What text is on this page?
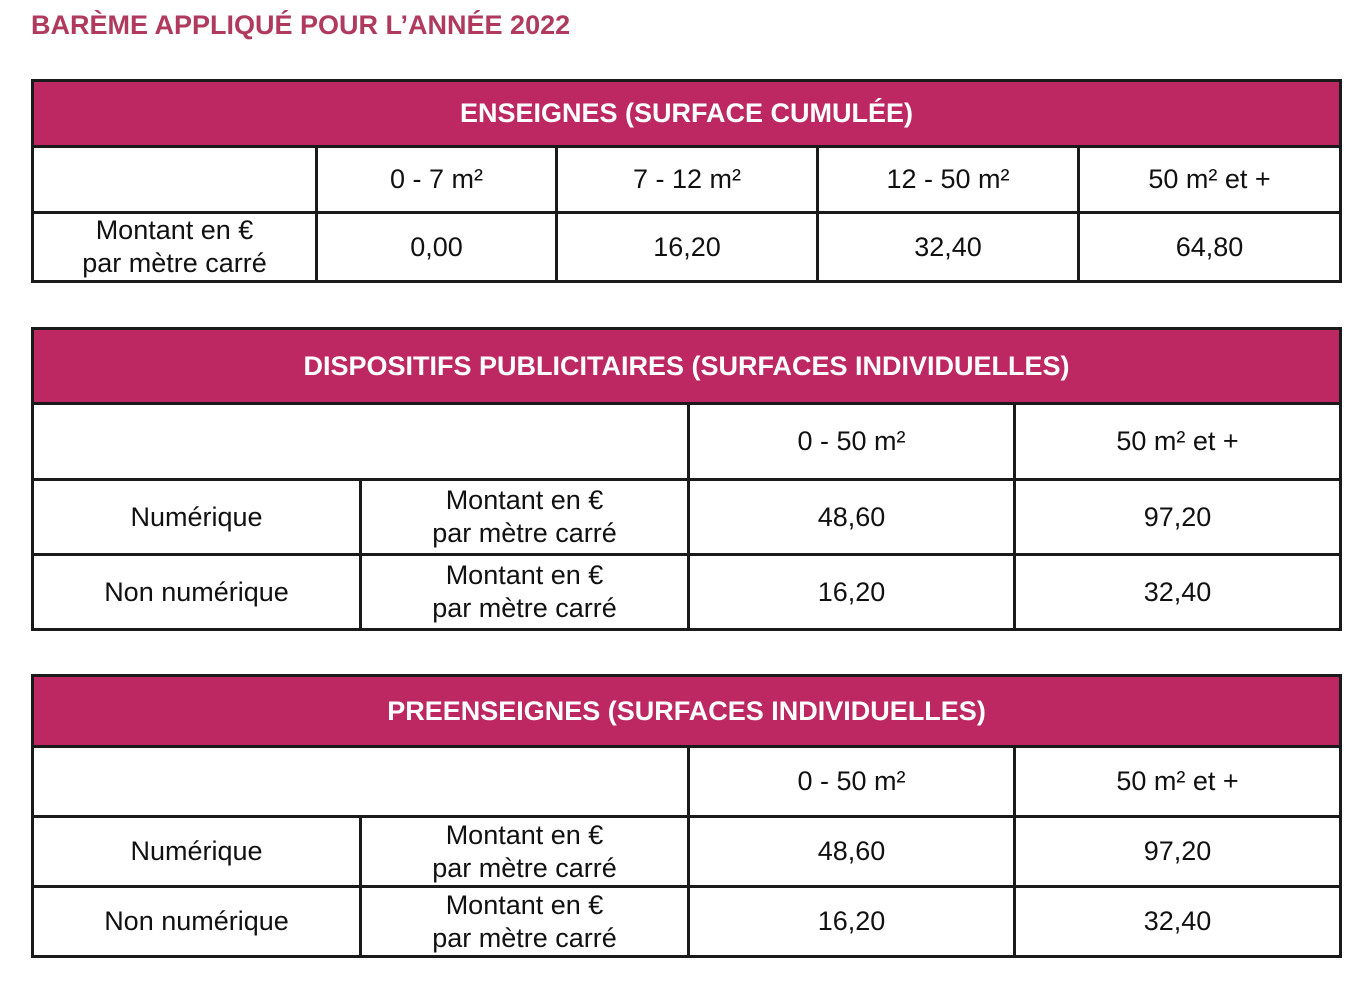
BARÈME APPLIQUÉ POUR L’ANNÉE 2022
ENSEIGNES (SURFACE CUMULÉE)				
	0 - 7 m²	7 - 12 m²	12 - 50 m²	50 m² et +
Montant en €
par mètre carré	0,00	16,20	32,40	64,80
DISPOSITIFS PUBLICITAIRES (SURFACES INDIVIDUELLES)			
		0 - 50 m²	50 m² et +
Numérique	Montant en €
par mètre carré	48,60	97,20
Non numérique	Montant en €
par mètre carré	16,20	32,40
PREENSEIGNES (SURFACES INDIVIDUELLES)			
		0 - 50 m²	50 m² et +
Numérique	Montant en €
par mètre carré	48,60	97,20
Non numérique	Montant en €
par mètre carré	16,20	32,40
